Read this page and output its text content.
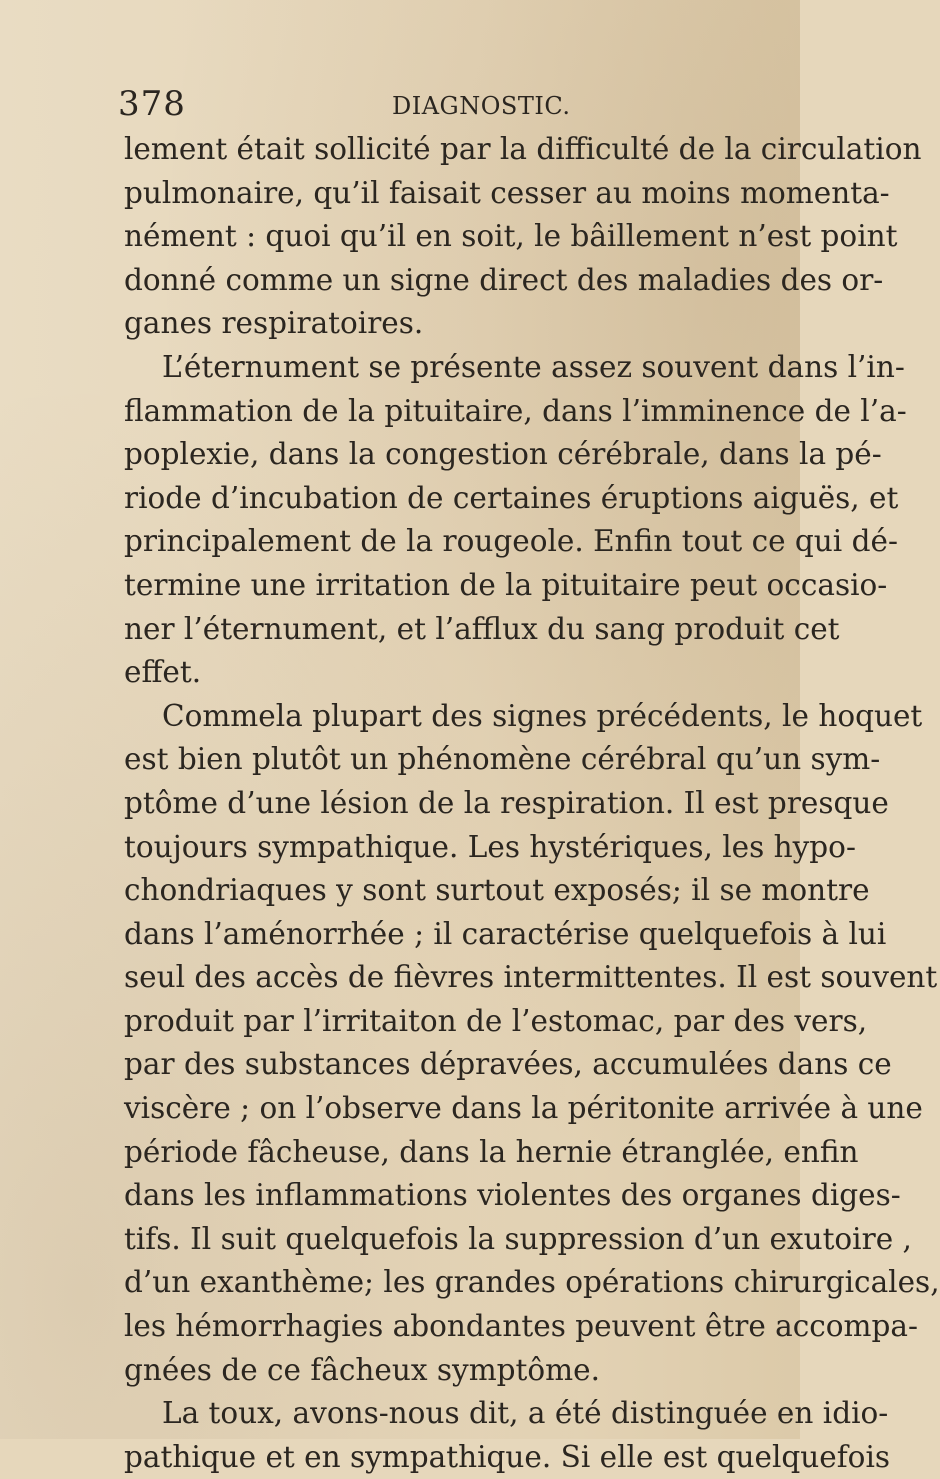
378	DIAGNOSTIC.
lement était sollicité par la difficulté de la circulation
pulmonaire, qu’il faisait cesser au moins momenta-
nément : quoi qu’il en soit, le bâillement n’est point
donné comme un signe direct des maladies des or-
ganes respiratoires.
L’éternument se présente assez souvent dans l’in-
flammation de la pituitaire, dans l’imminence de l’a-
poplexie, dans la congestion cérébrale, dans la pé-
riode d’incubation de certaines éruptions aiguës, et
principalement de la rougeole. Enfin tout ce qui dé-
termine une irritation de la pituitaire peut occasio-
ner l’éternument, et l’afflux du sang produit cet
effet.
Commela plupart des signes précédents, le hoquet
est bien plutôt un phénomène cérébral qu’un sym-
ptôme d’une lésion de la respiration. Il est presque
toujours sympathique. Les hystériques, les hypo-
chondriaques y sont surtout exposés; il se montre
dans l’aménorrhée ; il caractérise quelquefois à lui
seul des accès de fièvres intermittentes. Il est souvent
produit par l’irritaiton de l’estomac, par des vers,
par des substances dépravées, accumulées dans ce
viscère ; on l’observe dans la péritonite arrivée à une
période fâcheuse, dans la hernie étranglée, enfin
dans les inflammations violentes des organes diges-
tifs. Il suit quelquefois la suppression d’un exutoire ,
d’un exanthème; les grandes opérations chirurgicales,
les hémorrhagies abondantes peuvent être accompa-
gnées de ce fâcheux symptôme.
La toux, avons-nous dit, a été distinguée en idio-
pathique et en sympathique. Si elle est quelquefois
